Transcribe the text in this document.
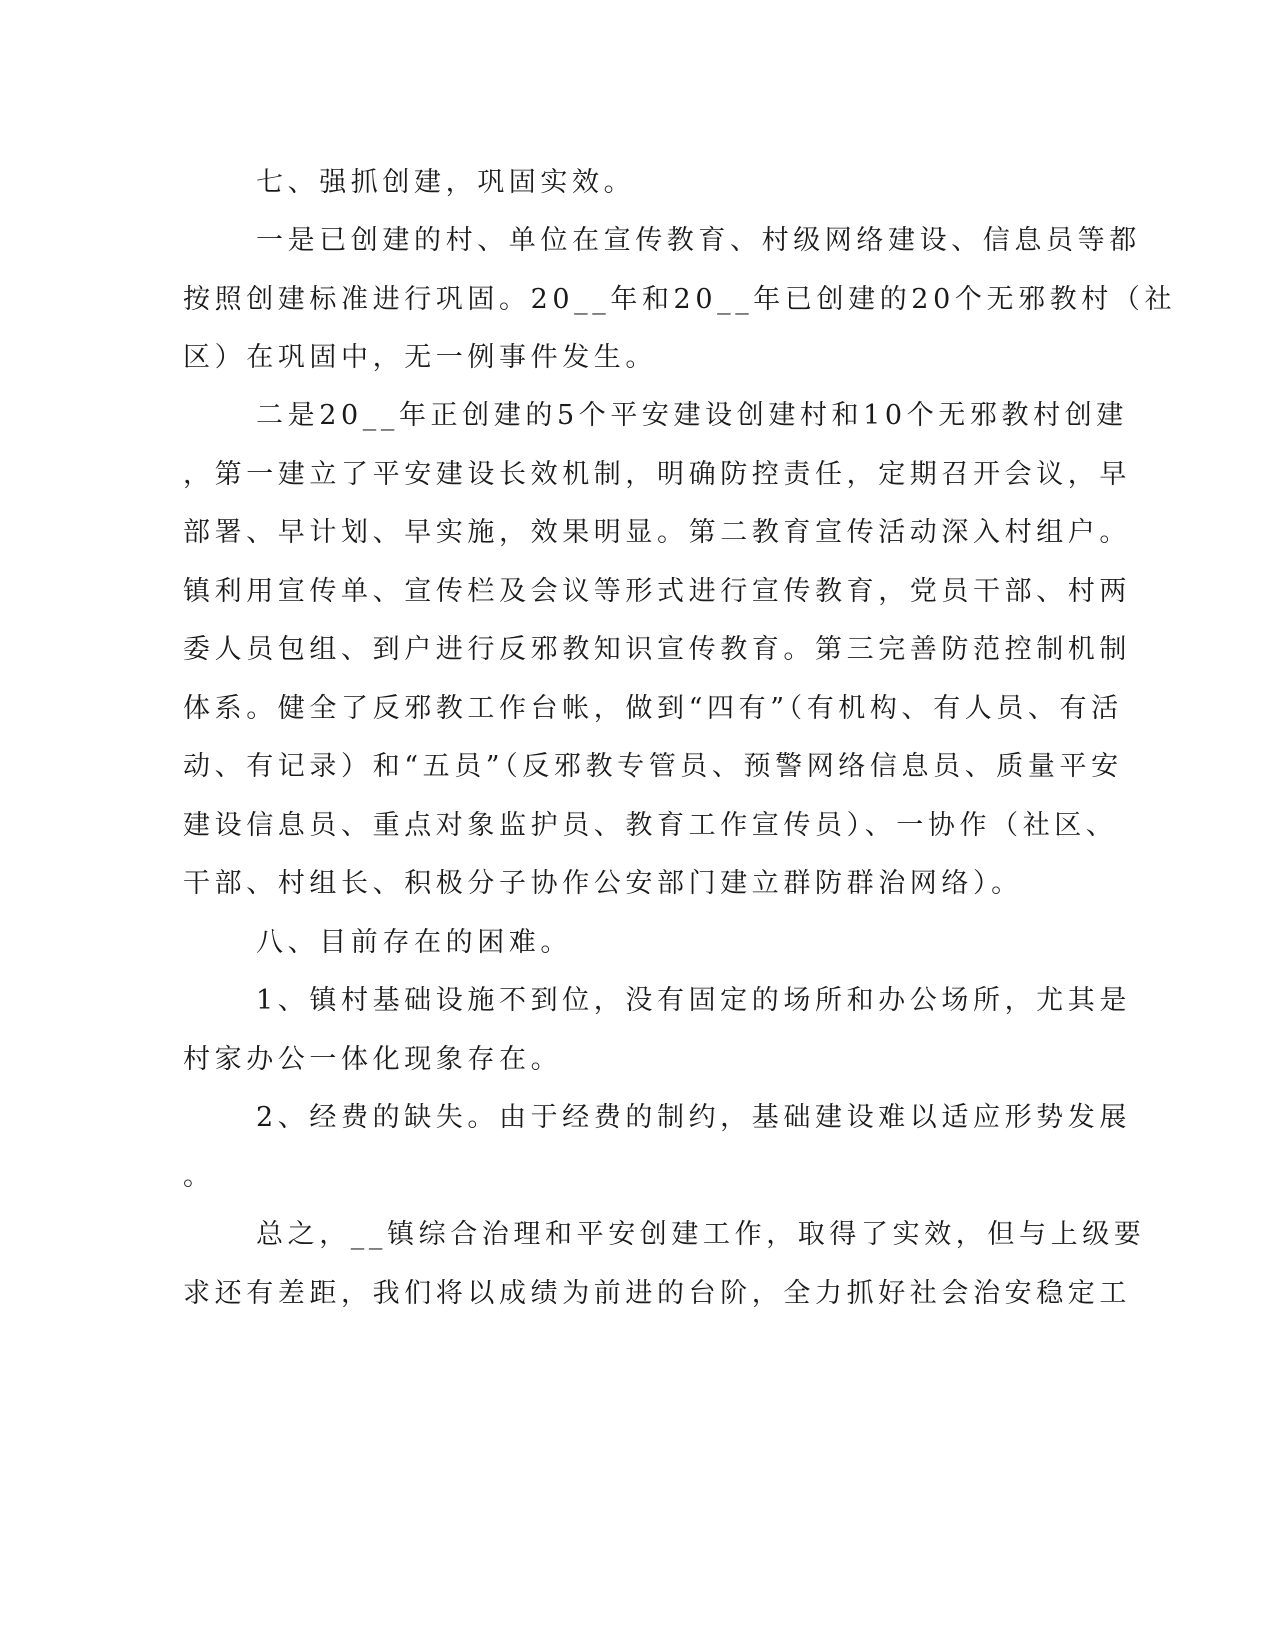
七、强抓创建，巩固实效。
一是已创建的村、单位在宣传教育、村级网络建设、信息员等都
按照创建标准进行巩固。20__年和20__年已创建的20个无邪教村（社
区）在巩固中，无一例事件发生。
二是20__年正创建的5个平安建设创建村和10个无邪教村创建
，第一建立了平安建设长效机制，明确防控责任，定期召开会议，早
部署、早计划、早实施，效果明显。第二教育宣传活动深入村组户。
镇利用宣传单、宣传栏及会议等形式进行宣传教育，党员干部、村两
委人员包组、到户进行反邪教知识宣传教育。第三完善防范控制机制
体系。健全了反邪教工作台帐，做到“四有”（有机构、有人员、有活
动、有记录）和“五员”（反邪教专管员、预警网络信息员、质量平安
建设信息员、重点对象监护员、教育工作宣传员）、一协作（社区、
干部、村组长、积极分子协作公安部门建立群防群治网络）。
八、目前存在的困难。
1、镇村基础设施不到位，没有固定的场所和办公场所，尤其是
村家办公一体化现象存在。
2、经费的缺失。由于经费的制约，基础建设难以适应形势发展
。
总之，__镇综合治理和平安创建工作，取得了实效，但与上级要
求还有差距，我们将以成绩为前进的台阶，全力抓好社会治安稳定工
